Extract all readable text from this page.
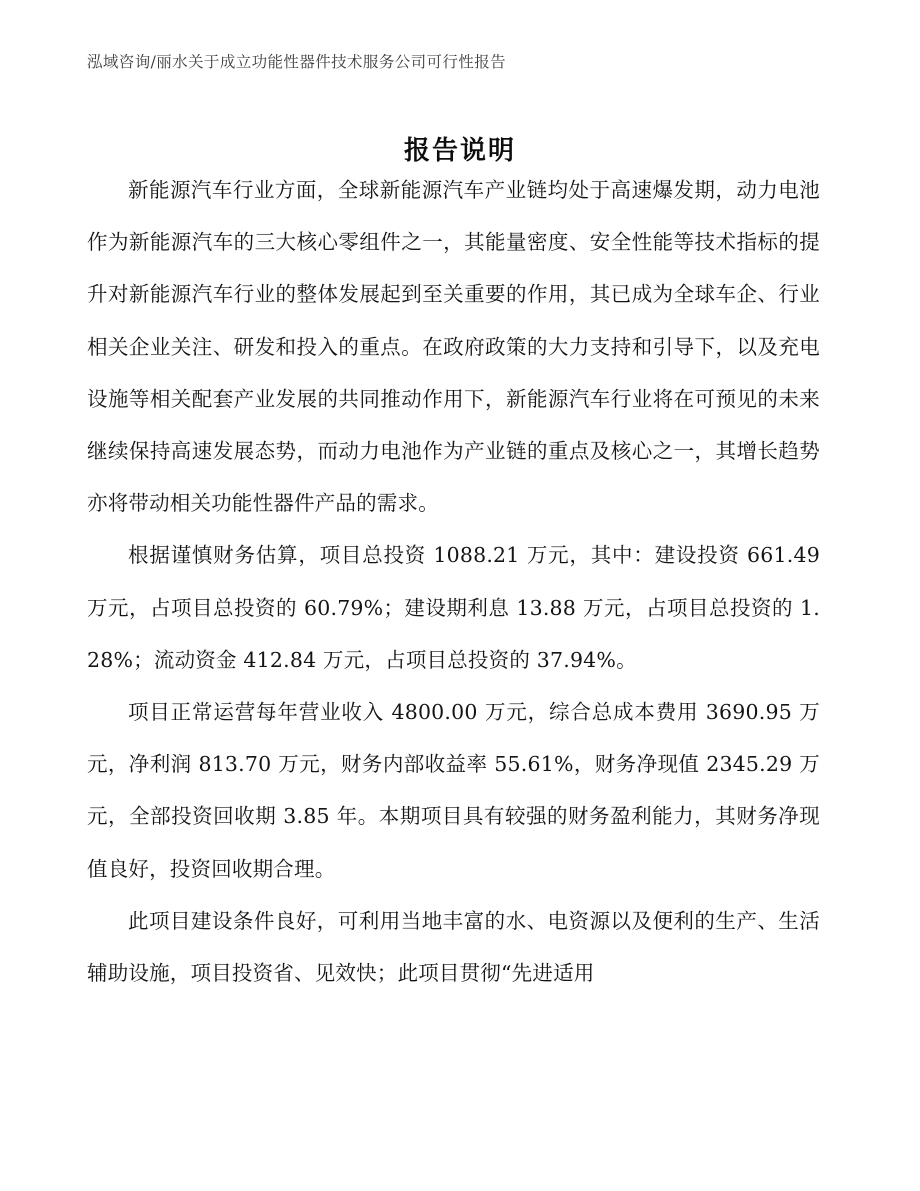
泓域咨询/丽水关于成立功能性器件技术服务公司可行性报告
报告说明

新能源汽车行业方面，全球新能源汽车产业链均处于高速爆发期，动力电池作为新能源汽车的三大核心零组件之一，其能量密度、安全性能等技术指标的提升对新能源汽车行业的整体发展起到至关重要的作用，其已成为全球车企、行业相关企业关注、研发和投入的重点。在政府政策的大力支持和引导下，以及充电设施等相关配套产业发展的共同推动作用下，新能源汽车行业将在可预见的未来继续保持高速发展态势，而动力电池作为产业链的重点及核心之一，其增长趋势亦将带动相关功能性器件产品的需求。

根据谨慎财务估算，项目总投资 1088.21 万元，其中：建设投资 661.49 万元，占项目总投资的 60.79%；建设期利息 13.88 万元，占项目总投资的 1.28%；流动资金 412.84 万元，占项目总投资的 37.94%。

项目正常运营每年营业收入 4800.00 万元，综合总成本费用 3690.95 万元，净利润 813.70 万元，财务内部收益率 55.61%，财务净现值 2345.29 万元，全部投资回收期 3.85 年。本期项目具有较强的财务盈利能力，其财务净现值良好，投资回收期合理。

此项目建设条件良好，可利用当地丰富的水、电资源以及便利的生产、生活辅助设施，项目投资省、见效快；此项目贯彻“先进适用
